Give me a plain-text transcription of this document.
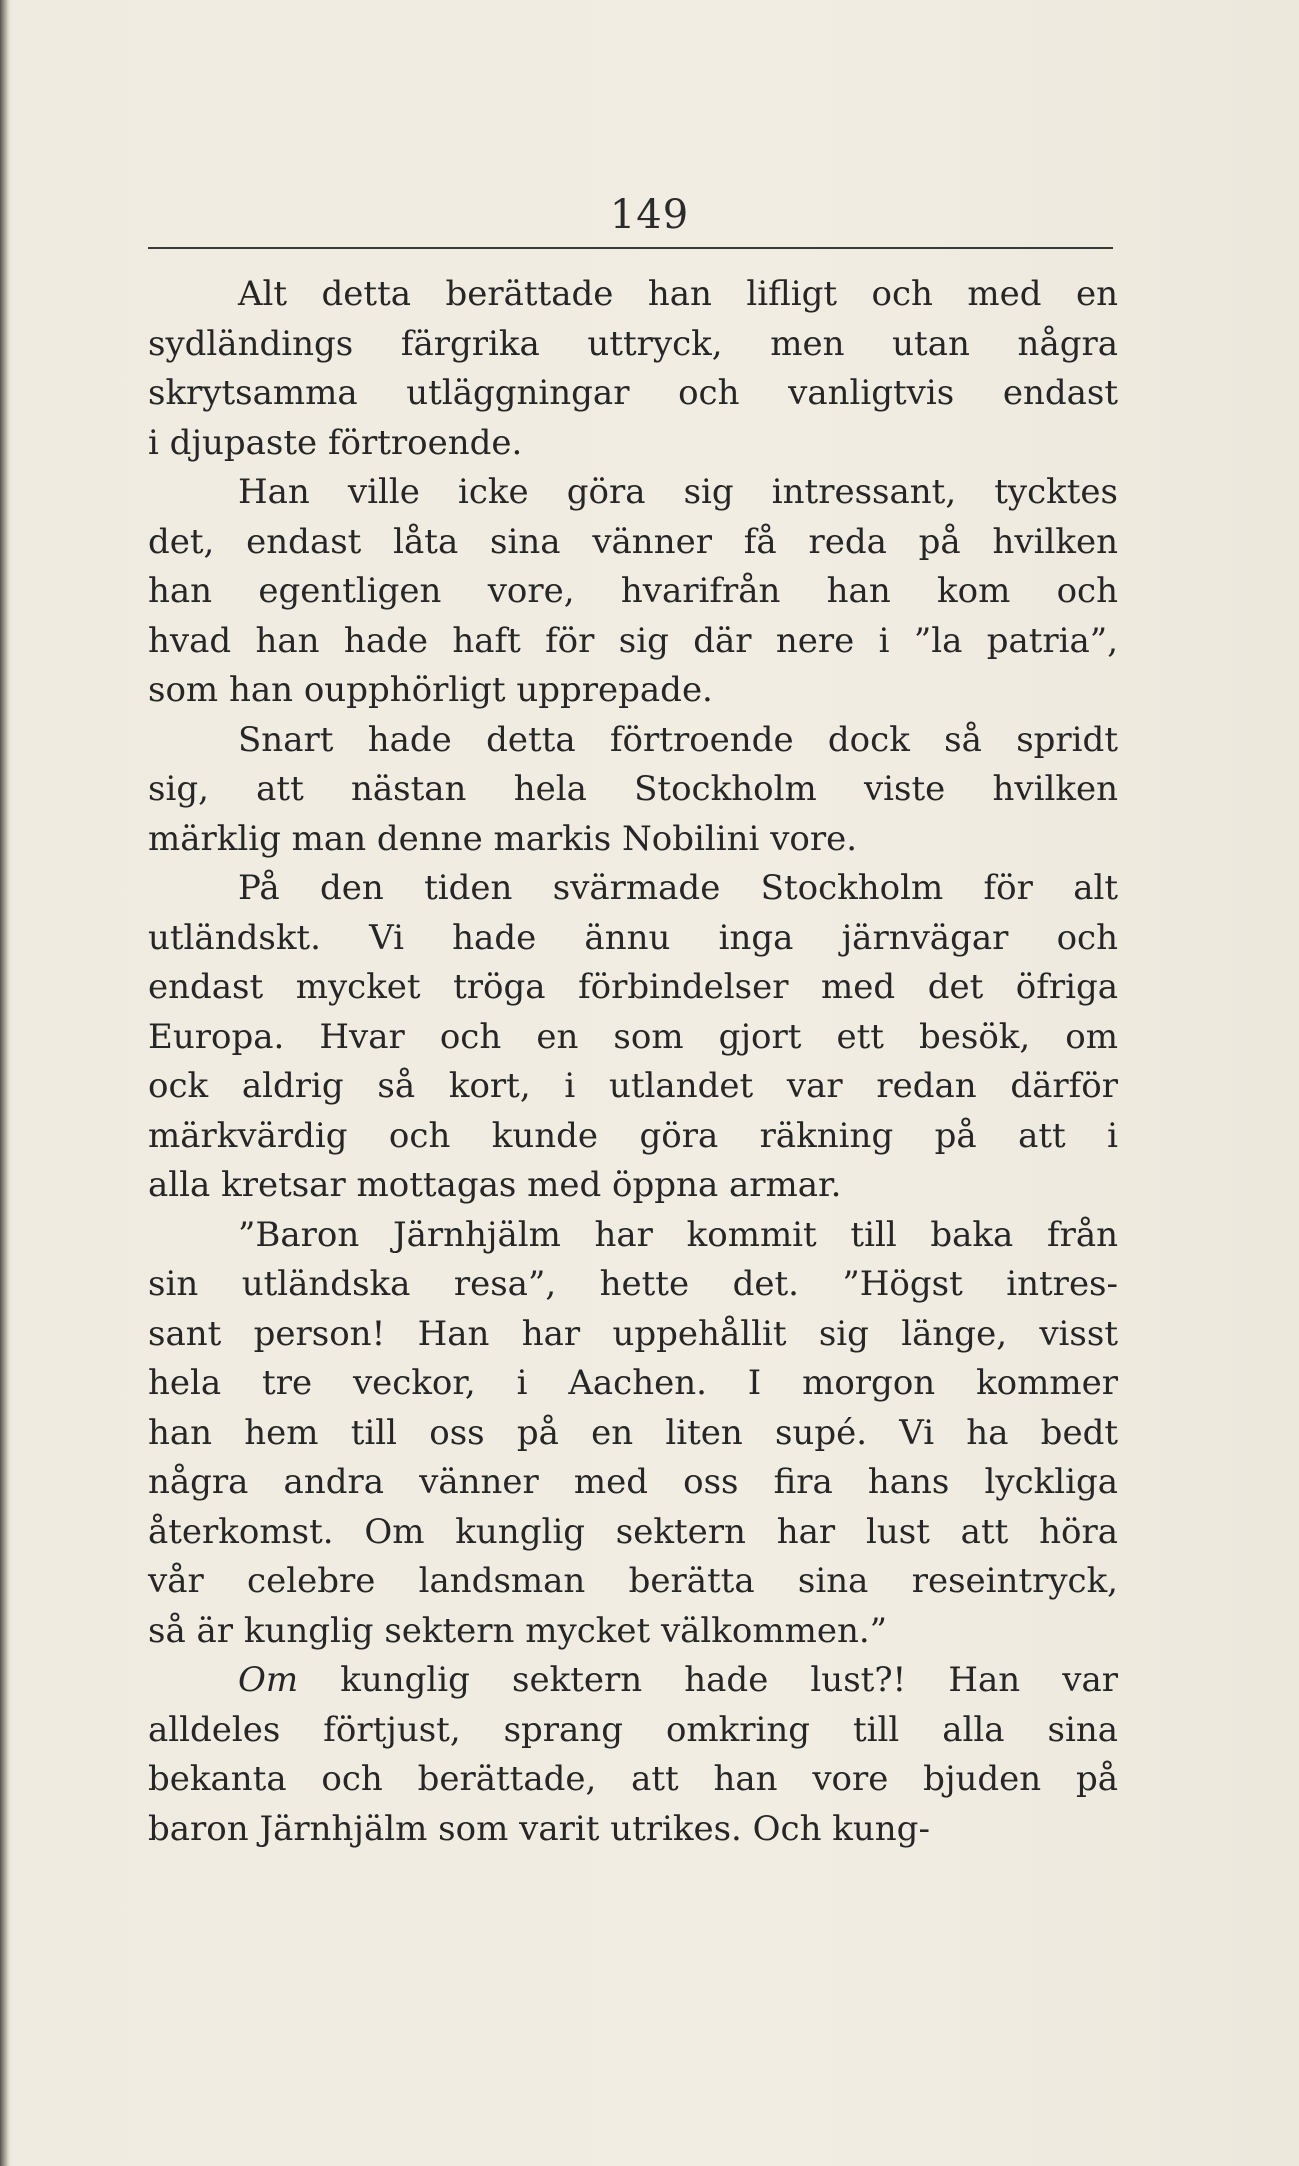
149
Alt detta berättade han lifligt och med en
sydländings färgrika uttryck, men utan några
skrytsamma utläggningar och vanligtvis endast
i djupaste förtroende.
Han ville icke göra sig intressant, tycktes
det, endast låta sina vänner få reda på hvilken
han egentligen vore, hvarifrån han kom och
hvad han hade haft för sig där nere i ”la patria”,
som han oupphörligt upprepade.
Snart hade detta förtroende dock så spridt
sig, att nästan hela Stockholm viste hvilken
märklig man denne markis Nobilini vore.
På den tiden svärmade Stockholm för alt
utländskt. Vi hade ännu inga järnvägar och
endast mycket tröga förbindelser med det öfriga
Europa. Hvar och en som gjort ett besök, om
ock aldrig så kort, i utlandet var redan därför
märkvärdig och kunde göra räkning på att i
alla kretsar mottagas med öppna armar.
”Baron Järnhjälm har kommit till baka från
sin utländska resa”, hette det. ”Högst intres-
sant person! Han har uppehållit sig länge, visst
hela tre veckor, i Aachen. I morgon kommer
han hem till oss på en liten supé. Vi ha bedt
några andra vänner med oss fira hans lyckliga
återkomst. Om kunglig sektern har lust att höra
vår celebre landsman berätta sina reseintryck,
så är kunglig sektern mycket välkommen.”
Om kunglig sektern hade lust?! Han var
alldeles förtjust, sprang omkring till alla sina
bekanta och berättade, att han vore bjuden på
baron Järnhjälm som varit utrikes. Och kung-
